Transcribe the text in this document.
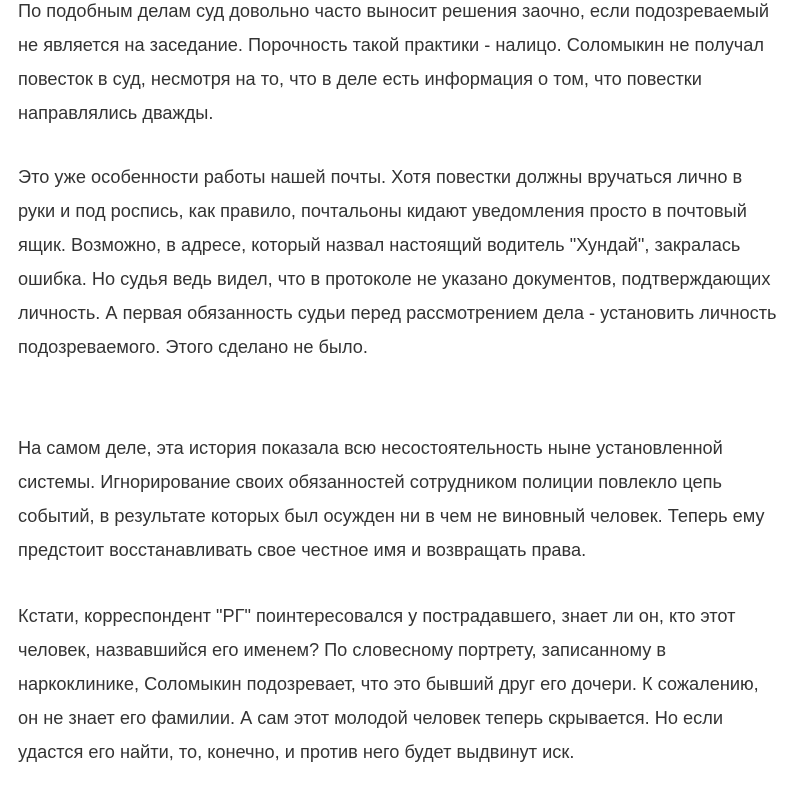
По подобным делам суд довольно часто выносит решения заочно, если подозреваемый не является на заседание. Порочность такой практики - налицо. Соломыкин не получал повесток в суд, несмотря на то, что в деле есть информация о том, что повестки направлялись дважды.

Это уже особенности работы нашей почты. Хотя повестки должны вручаться лично в руки и под роспись, как правило, почтальоны кидают уведомления просто в почтовый ящик. Возможно, в адресе, который назвал настоящий водитель "Хундай", закралась ошибка. Но судья ведь видел, что в протоколе не указано документов, подтверждающих личность. А первая обязанность судьи перед рассмотрением дела - установить личность подозреваемого. Этого сделано не было.

На самом деле, эта история показала всю несостоятельность ныне установленной системы. Игнорирование своих обязанностей сотрудником полиции повлекло цепь событий, в результате которых был осужден ни в чем не виновный человек. Теперь ему предстоит восстанавливать свое честное имя и возвращать права.

Кстати, корреспондент "РГ" поинтересовался у пострадавшего, знает ли он, кто этот человек, назвавшийся его именем? По словесному портрету, записанному в наркоклинике, Соломыкин подозревает, что это бывший друг его дочери. К сожалению, он не знает его фамилии. А сам этот молодой человек теперь скрывается. Но если удастся его найти, то, конечно, и против него будет выдвинут иск.
